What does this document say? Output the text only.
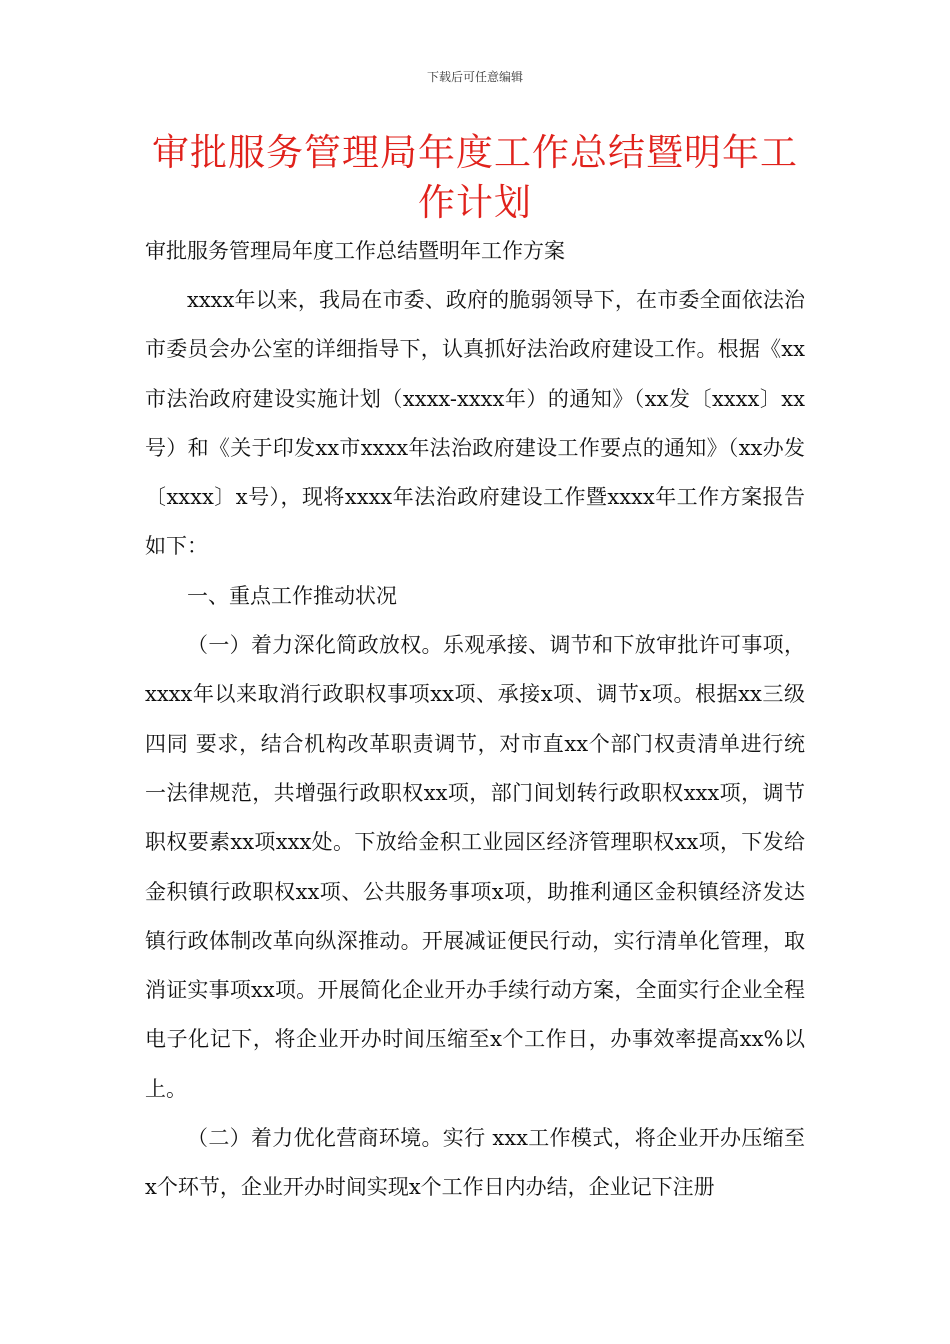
下载后可任意编辑
审批服务管理局年度工作总结暨明年工作计划
审批服务管理局年度工作总结暨明年工作方案

xxxx年以来，我局在市委、政府的脆弱领导下，在市委全面依法治市委员会办公室的详细指导下，认真抓好法治政府建设工作。根据《xx市法治政府建设实施计划（xxxx-xxxx年）的通知》（xx发〔xxxx〕xx号）和《关于印发xx市xxxx年法治政府建设工作要点的通知》（xx办发〔xxxx〕x号），现将xxxx年法治政府建设工作暨xxxx年工作方案报告如下：

一、重点工作推动状况

（一）着力深化简政放权。乐观承接、调节和下放审批许可事项，xxxx年以来取消行政职权事项xx项、承接x项、调节x项。根据xx三级四同 要求，结合机构改革职责调节，对市直xx个部门权责清单进行统一法律规范，共增强行政职权xx项，部门间划转行政职权xxx项，调节职权要素xx项xxx处。下放给金积工业园区经济管理职权xx项，下发给金积镇行政职权xx项、公共服务事项x项，助推利通区金积镇经济发达镇行政体制改革向纵深推动。开展减证便民行动，实行清单化管理，取消证实事项xx项。开展简化企业开办手续行动方案，全面实行企业全程电子化记下，将企业开办时间压缩至x个工作日，办事效率提高xx%以上。

（二）着力优化营商环境。实行 xxx工作模式，将企业开办压缩至x个环节，企业开办时间实现x个工作日内办结，企业记下注册
